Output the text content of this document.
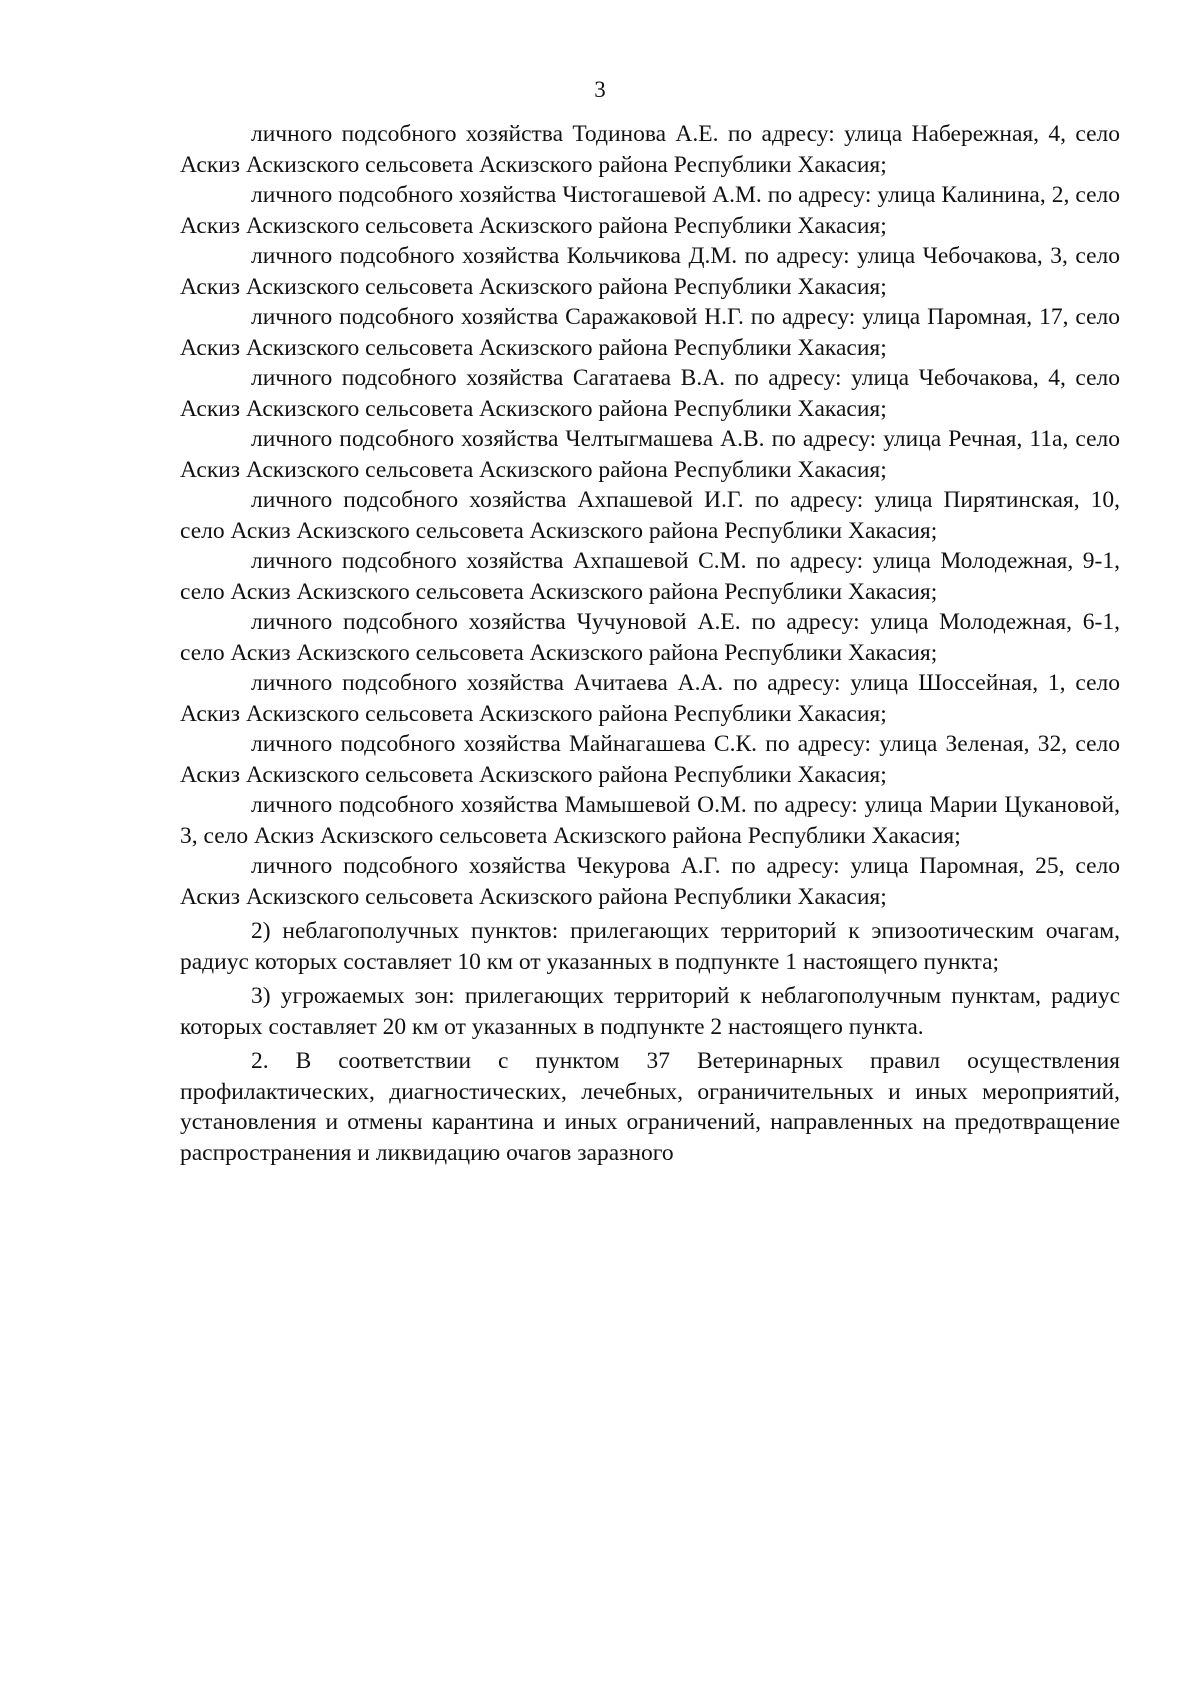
3

личного подсобного хозяйства Тодинова А.Е. по адресу: улица Набережная, 4, село Аскиз Аскизского сельсовета Аскизского района Республики Хакасия;

личного подсобного хозяйства Чистогашевой А.М. по адресу: улица Калинина, 2, село Аскиз Аскизского сельсовета Аскизского района Республики Хакасия;

личного подсобного хозяйства Кольчикова Д.М. по адресу: улица Чебочакова, 3, село Аскиз Аскизского сельсовета Аскизского района Республики Хакасия;

личного подсобного хозяйства Саражаковой Н.Г. по адресу: улица Паромная, 17, село Аскиз Аскизского сельсовета Аскизского района Республики Хакасия;

личного подсобного хозяйства Сагатаева В.А. по адресу: улица Чебочакова, 4, село Аскиз Аскизского сельсовета Аскизского района Республики Хакасия;

личного подсобного хозяйства Челтыгмашева А.В. по адресу: улица Речная, 11а, село Аскиз Аскизского сельсовета Аскизского района Республики Хакасия;

личного подсобного хозяйства Ахпашевой И.Г. по адресу: улица Пирятинская, 10, село Аскиз Аскизского сельсовета Аскизского района Республики Хакасия;

личного подсобного хозяйства Ахпашевой С.М. по адресу: улица Молодежная, 9-1, село Аскиз Аскизского сельсовета Аскизского района Республики Хакасия;

личного подсобного хозяйства Чучуновой А.Е. по адресу: улица Молодежная, 6-1, село Аскиз Аскизского сельсовета Аскизского района Республики Хакасия;

личного подсобного хозяйства Ачитаева А.А. по адресу: улица Шоссейная, 1, село Аскиз Аскизского сельсовета Аскизского района Республики Хакасия;

личного подсобного хозяйства Майнагашева С.К. по адресу: улица Зеленая, 32, село Аскиз Аскизского сельсовета Аскизского района Республики Хакасия;

личного подсобного хозяйства Мамышевой О.М. по адресу: улица Марии Цукановой, 3, село Аскиз Аскизского сельсовета Аскизского района Республики Хакасия;

личного подсобного хозяйства Чекурова А.Г. по адресу: улица Паромная, 25, село Аскиз Аскизского сельсовета Аскизского района Республики Хакасия;

2) неблагополучных пунктов: прилегающих территорий к эпизоотическим очагам, радиус которых составляет 10 км от указанных в подпункте 1 настоящего пункта;

3) угрожаемых зон: прилегающих территорий к неблагополучным пунктам, радиус которых составляет 20 км от указанных в подпункте 2 настоящего пункта.

2. В соответствии с пунктом 37 Ветеринарных правил осуществления профилактических, диагностических, лечебных, ограничительных и иных мероприятий, установления и отмены карантина и иных ограничений, направленных на предотвращение распространения и ликвидацию очагов заразного
